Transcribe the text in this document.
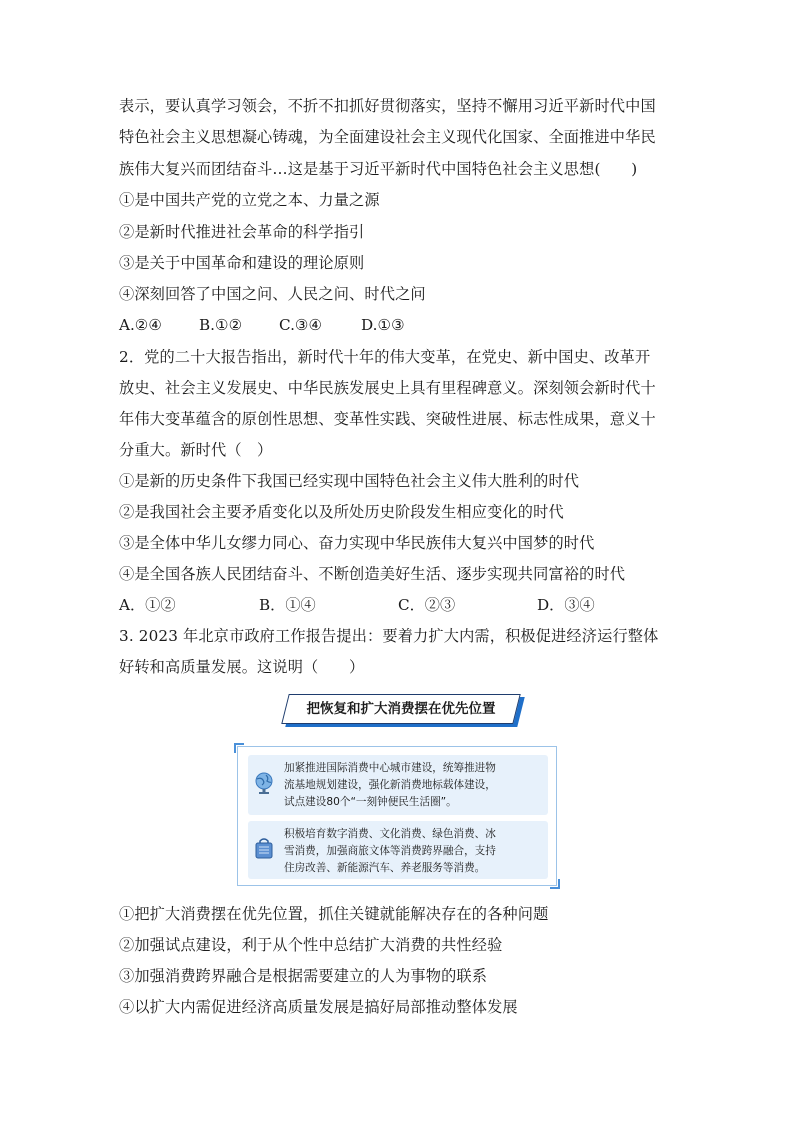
表示，要认真学习领会，不折不扣抓好贯彻落实，坚持不懈用习近平新时代中国
特色社会主义思想凝心铸魂，为全面建设社会主义现代化国家、全面推进中华民
族伟大复兴而团结奋斗…这是基于习近平新时代中国特色社会主义思想(　　)
①是中国共产党的立党之本、力量之源
②是新时代推进社会革命的科学指引
③是关于中国革命和建设的理论原则
④深刻回答了中国之问、人民之问、时代之问
A.②④ B.①② C.③④	D.①③
2．党的二十大报告指出，新时代十年的伟大变革，在党史、新中国史、改革开
放史、社会主义发展史、中华民族发展史上具有里程碑意义。深刻领会新时代十
年伟大变革蕴含的原创性思想、变革性实践、突破性进展、标志性成果，意义十
分重大。新时代（　）
①是新的历史条件下我国已经实现中国特色社会主义伟大胜利的时代
②是我国社会主要矛盾变化以及所处历史阶段发生相应变化的时代
③是全体中华儿女缪力同心、奋力实现中华民族伟大复兴中国梦的时代
④是全国各族人民团结奋斗、不断创造美好生活、逐步实现共同富裕的时代
A．①②	B．①④	C．②③	D．③④
3. 2023 年北京市政府工作报告提出：要着力扩大内需，积极促进经济运行整体
好转和高质量发展。这说明（　　）
把恢复和扩大消费摆在优先位置
加紧推进国际消费中心城市建设，统筹推进物
流基地规划建设，强化新消费地标载体建设，
试点建设80个“一刻钟便民生活圈”。
积极培育数字消费、文化消费、绿色消费、冰
雪消费，加强商旅文体等消费跨界融合，支持
住房改善、新能源汽车、养老服务等消费。
①把扩大消费摆在优先位置，抓住关键就能解决存在的各种问题
②加强试点建设，利于从个性中总结扩大消费的共性经验
③加强消费跨界融合是根据需要建立的人为事物的联系
④以扩大内需促进经济高质量发展是搞好局部推动整体发展
